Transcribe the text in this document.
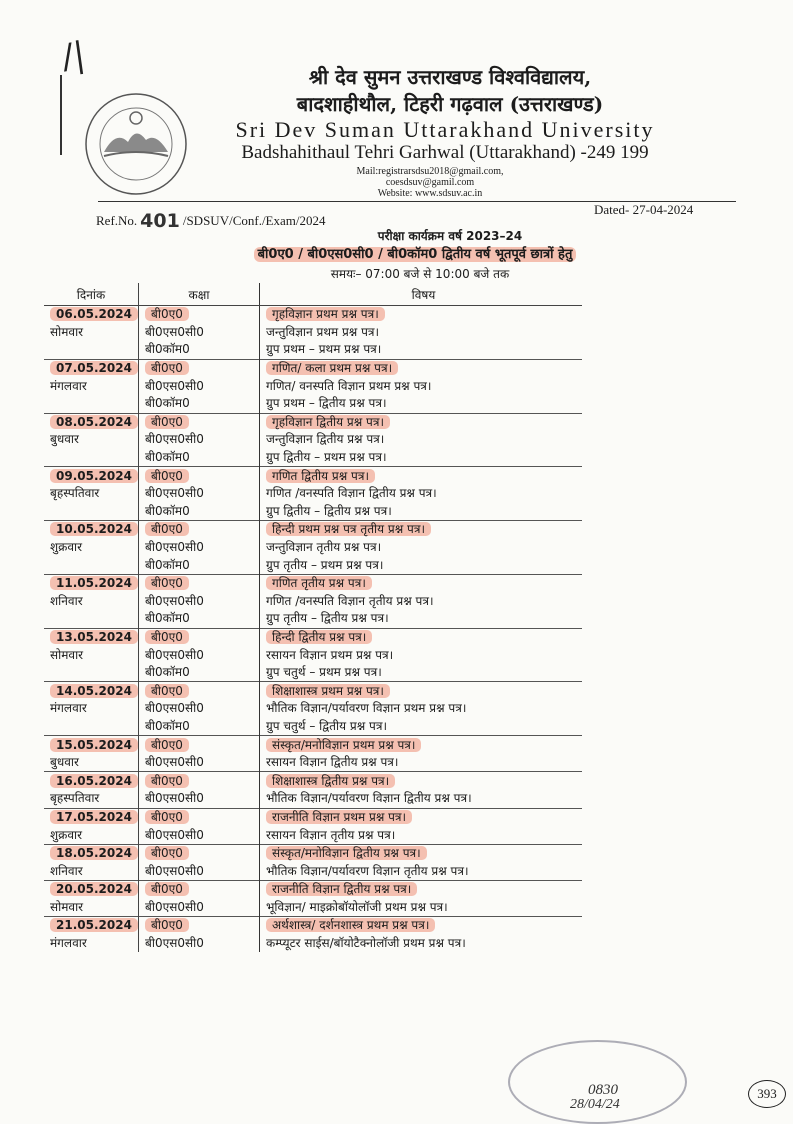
/|	श्री देव सुमन उत्तराखण्ड विश्वविद्यालय,
बादशाहीथौल, टिहरी गढ़वाल (उत्तराखण्ड)
Sri Dev Suman Uttarakhand University
Badshahithaul Tehri Garhwal (Uttarakhand) -249 199
Mail:registrarsdsu2018@gmail.com,
coesdsuv@gamil.com
Website: www.sdsuv.ac.in
Ref.No. 401 /SDSUV/Conf./Exam/2024
Dated- 27-04-2024
परीक्षा कार्यक्रम वर्ष 2023–24
बी0ए0 / बी0एस0सी0 / बी0कॉम0 द्वितीय वर्ष भूतपूर्व छात्रों हेतु
समयः– 07:00 बजे से 10:00 बजे तक
दिनांक	कक्षा	विषय
06.05.2024	बी0ए0	गृहविज्ञान प्रथम प्रश्न पत्र।
सोमवार	बी0एस0सी0	जन्तुविज्ञान प्रथम प्रश्न पत्र।
	बी0कॉम0	ग्रुप प्रथम – प्रथम प्रश्न पत्र।
07.05.2024	बी0ए0	गणित/ कला प्रथम प्रश्न पत्र।
मंगलवार	बी0एस0सी0	गणित/ वनस्पति विज्ञान प्रथम प्रश्न पत्र।
	बी0कॉम0	ग्रुप प्रथम – द्वितीय प्रश्न पत्र।
08.05.2024	बी0ए0	गृहविज्ञान द्वितीय प्रश्न पत्र।
बुधवार	बी0एस0सी0	जन्तुविज्ञान द्वितीय प्रश्न पत्र।
	बी0कॉम0	ग्रुप द्वितीय – प्रथम प्रश्न पत्र।
09.05.2024	बी0ए0	गणित द्वितीय प्रश्न पत्र।
बृहस्पतिवार	बी0एस0सी0	गणित /वनस्पति विज्ञान द्वितीय प्रश्न पत्र।
	बी0कॉम0	ग्रुप द्वितीय – द्वितीय प्रश्न पत्र।
10.05.2024	बी0ए0	हिन्दी प्रथम प्रश्न पत्र तृतीय प्रश्न पत्र।
शुक्रवार	बी0एस0सी0	जन्तुविज्ञान तृतीय प्रश्न पत्र।
	बी0कॉम0	ग्रुप तृतीय – प्रथम प्रश्न पत्र।
11.05.2024	बी0ए0	गणित तृतीय प्रश्न पत्र।
शनिवार	बी0एस0सी0	गणित /वनस्पति विज्ञान तृतीय प्रश्न पत्र।
	बी0कॉम0	ग्रुप तृतीय – द्वितीय प्रश्न पत्र।
13.05.2024	बी0ए0	हिन्दी द्वितीय प्रश्न पत्र।
सोमवार	बी0एस0सी0	रसायन विज्ञान प्रथम प्रश्न पत्र।
	बी0कॉम0	ग्रुप चतुर्थ – प्रथम प्रश्न पत्र।
14.05.2024	बी0ए0	शिक्षाशास्त्र प्रथम प्रश्न पत्र।
मंगलवार	बी0एस0सी0	भौतिक विज्ञान/पर्यावरण विज्ञान प्रथम प्रश्न पत्र।
	बी0कॉम0	ग्रुप चतुर्थ – द्वितीय प्रश्न पत्र।
15.05.2024	बी0ए0	संस्कृत/मनोविज्ञान प्रथम प्रश्न पत्र।
बुधवार	बी0एस0सी0	रसायन विज्ञान द्वितीय प्रश्न पत्र।
16.05.2024	बी0ए0	शिक्षाशास्त्र द्वितीय प्रश्न पत्र।
बृहस्पतिवार	बी0एस0सी0	भौतिक विज्ञान/पर्यावरण विज्ञान द्वितीय प्रश्न पत्र।
17.05.2024	बी0ए0	राजनीति विज्ञान प्रथम प्रश्न पत्र।
शुक्रवार	बी0एस0सी0	रसायन विज्ञान तृतीय प्रश्न पत्र।
18.05.2024	बी0ए0	संस्कृत/मनोविज्ञान द्वितीय प्रश्न पत्र।
शनिवार	बी0एस0सी0	भौतिक विज्ञान/पर्यावरण विज्ञान तृतीय प्रश्न पत्र।
20.05.2024	बी0ए0	राजनीति विज्ञान द्वितीय प्रश्न पत्र।
सोमवार	बी0एस0सी0	भूविज्ञान/ माइक्रोबॉयोलॉजी प्रथम प्रश्न पत्र।
21.05.2024	बी0ए0	अर्थशास्त्र/ दर्शनशास्त्र प्रथम प्रश्न पत्र।
मंगलवार	बी0एस0सी0	कम्प्यूटर साईस/बॉयोटैक्नोलॉजी प्रथम प्रश्न पत्र।
0830
28/04/24
393
